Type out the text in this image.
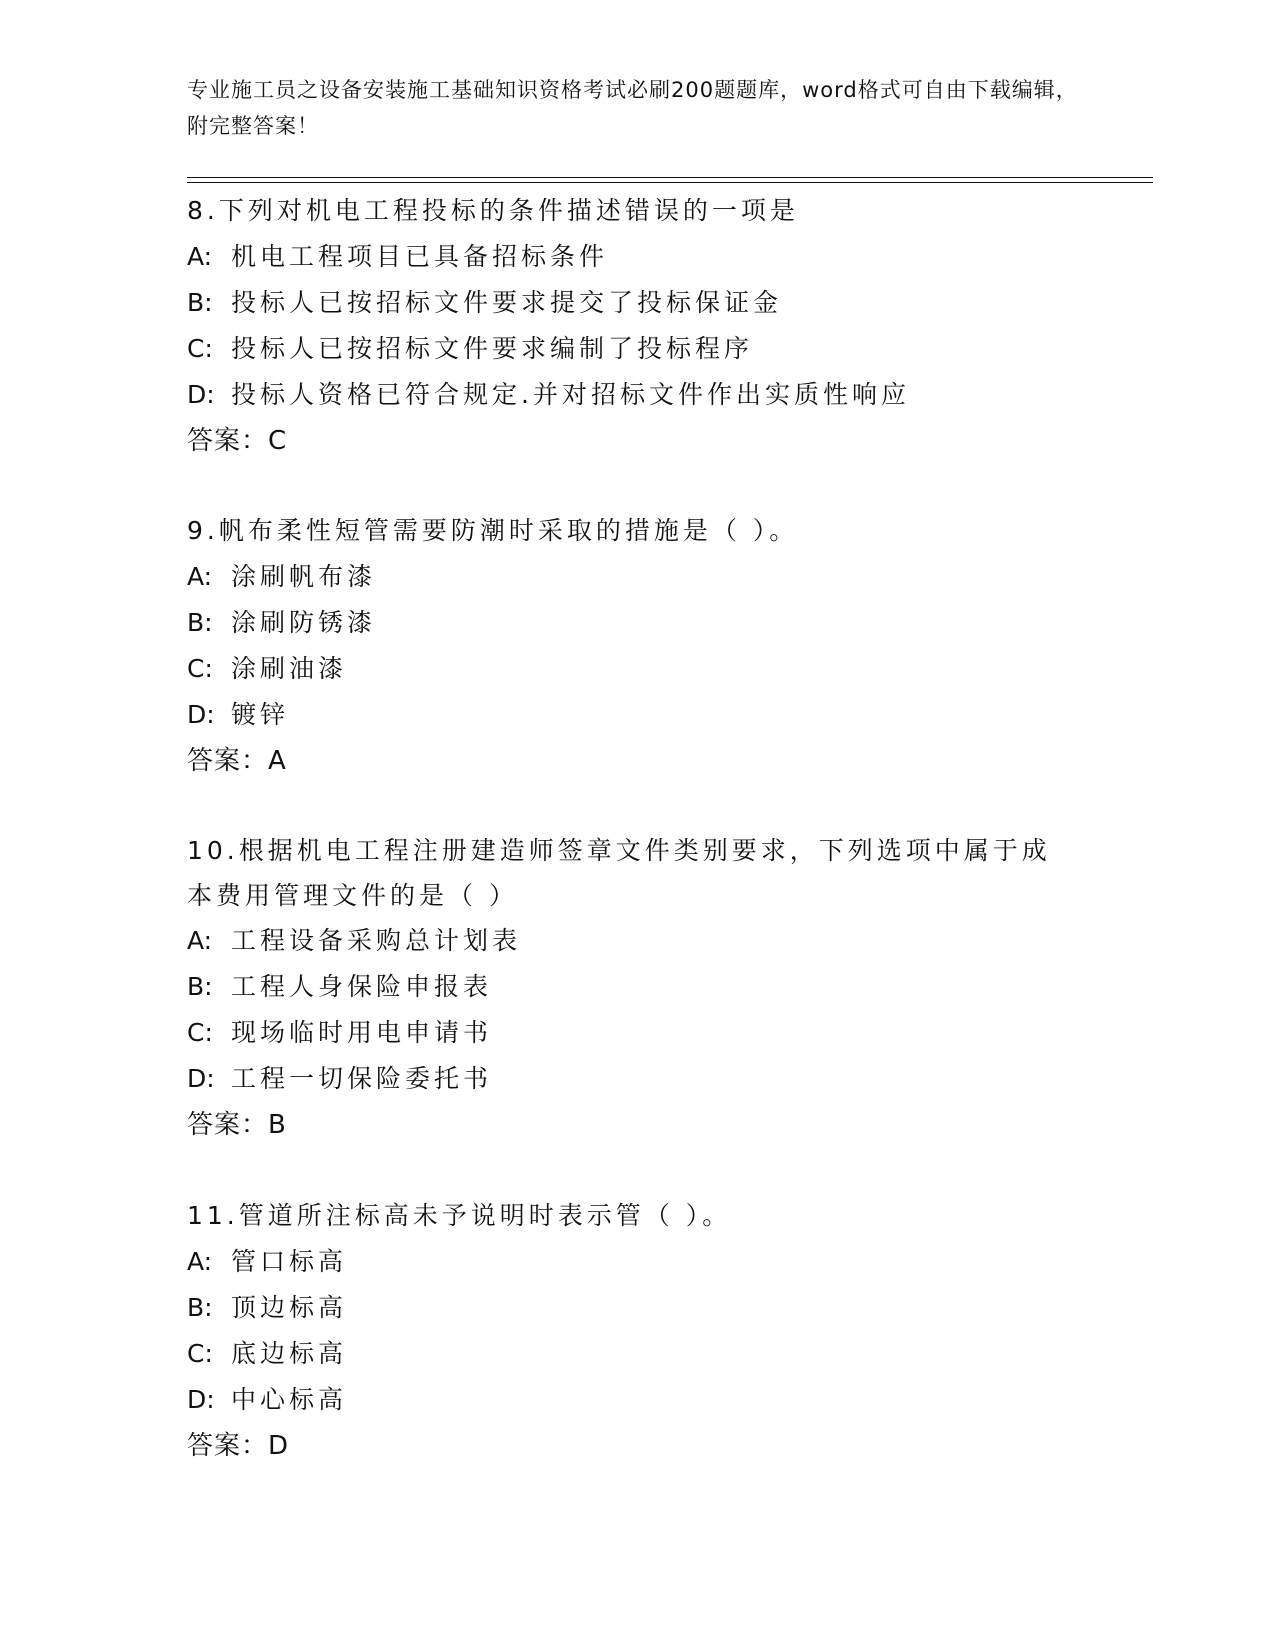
专业施工员之设备安装施工基础知识资格考试必刷200题题库，word格式可自由下载编辑，附完整答案！
8.下列对机电工程投标的条件描述错误的一项是
A: 机电工程项目已具备招标条件
B: 投标人已按招标文件要求提交了投标保证金
C: 投标人已按招标文件要求编制了投标程序
D: 投标人资格已符合规定.并对招标文件作出实质性响应
答案：C
9.帆布柔性短管需要防潮时采取的措施是（ ）。
A: 涂刷帆布漆
B: 涂刷防锈漆
C: 涂刷油漆
D: 镀锌
答案：A
10.根据机电工程注册建造师签章文件类别要求，下列选项中属于成本费用管理文件的是（ ）
A: 工程设备采购总计划表
B: 工程人身保险申报表
C: 现场临时用电申请书
D: 工程一切保险委托书
答案：B
11.管道所注标高未予说明时表示管（ ）。
A: 管口标高
B: 顶边标高
C: 底边标高
D: 中心标高
答案：D
